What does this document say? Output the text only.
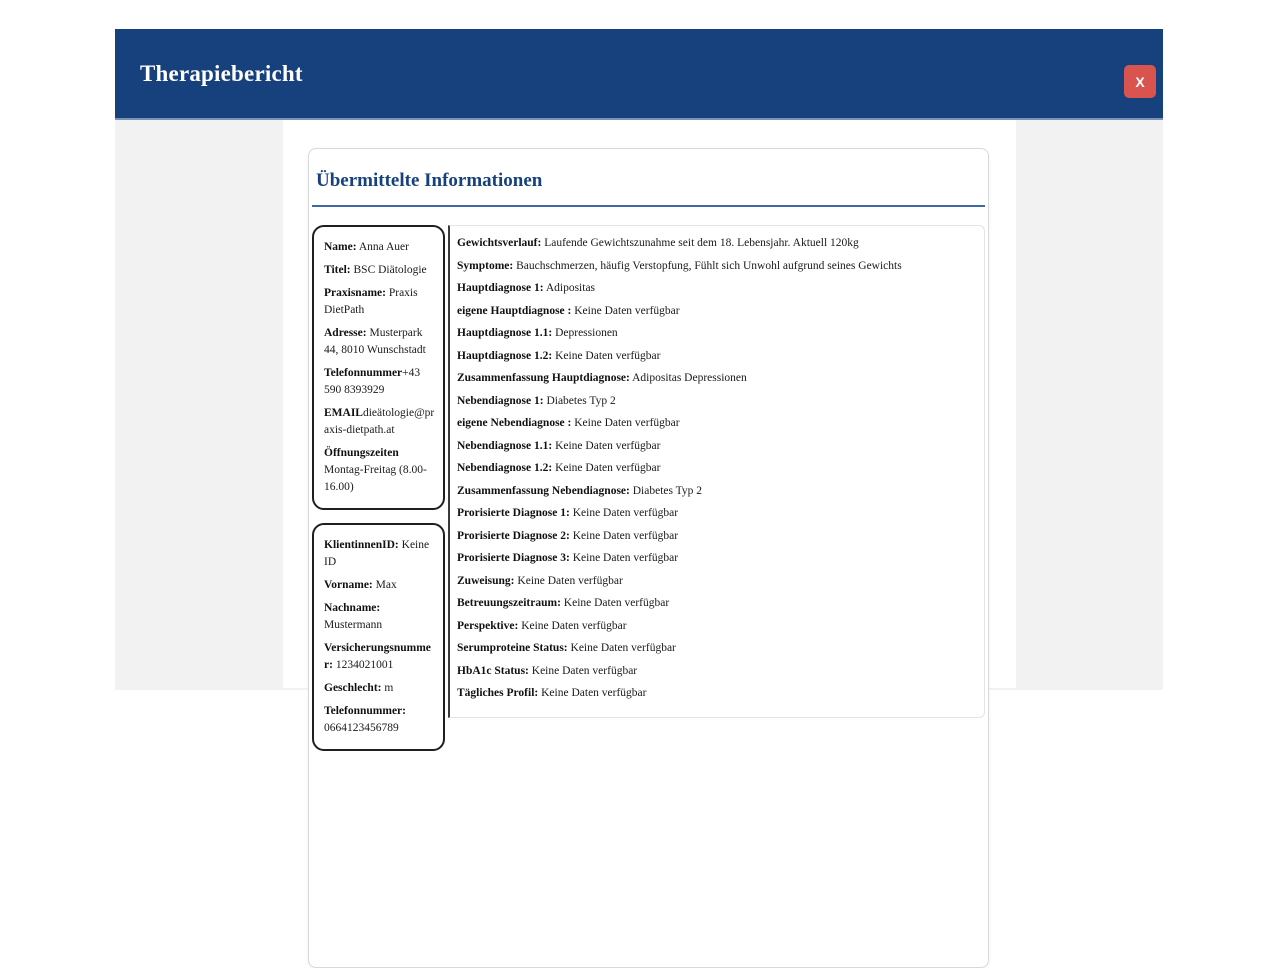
Therapiebericht	X
Übermittelte Informationen

Name: Anna Auer

Titel: BSC Diätologie

Praxisname: Praxis DietPath

Adresse: Musterpark 44, 8010 Wunschstadt

Telefonnummer+43 590 8393929

EMAILdieätologie@praxis-dietpath.at

Öffnungszeiten Montag-Freitag (8.00-16.00)

KlientinnenID: Keine ID

Vorname: Max

Nachname: Mustermann

Versicherungsnummer: 1234021001

Geschlecht: m

Telefonnummer: 0664123456789

Gewichtsverlauf: Laufende Gewichtszunahme seit dem 18. Lebensjahr. Aktuell 120kg

Symptome: Bauchschmerzen, häufig Verstopfung, Fühlt sich Unwohl aufgrund seines Gewichts

Hauptdiagnose 1: Adipositas

eigene Hauptdiagnose : Keine Daten verfügbar

Hauptdiagnose 1.1: Depressionen

Hauptdiagnose 1.2: Keine Daten verfügbar

Zusammenfassung Hauptdiagnose: Adipositas Depressionen

Nebendiagnose 1: Diabetes Typ 2

eigene Nebendiagnose : Keine Daten verfügbar

Nebendiagnose 1.1: Keine Daten verfügbar

Nebendiagnose 1.2: Keine Daten verfügbar

Zusammenfassung Nebendiagnose: Diabetes Typ 2

Prorisierte Diagnose 1: Keine Daten verfügbar

Prorisierte Diagnose 2: Keine Daten verfügbar

Prorisierte Diagnose 3: Keine Daten verfügbar

Zuweisung: Keine Daten verfügbar

Betreuungszeitraum: Keine Daten verfügbar

Perspektive: Keine Daten verfügbar

Serumproteine Status: Keine Daten verfügbar

HbA1c Status: Keine Daten verfügbar

Tägliches Profil: Keine Daten verfügbar
